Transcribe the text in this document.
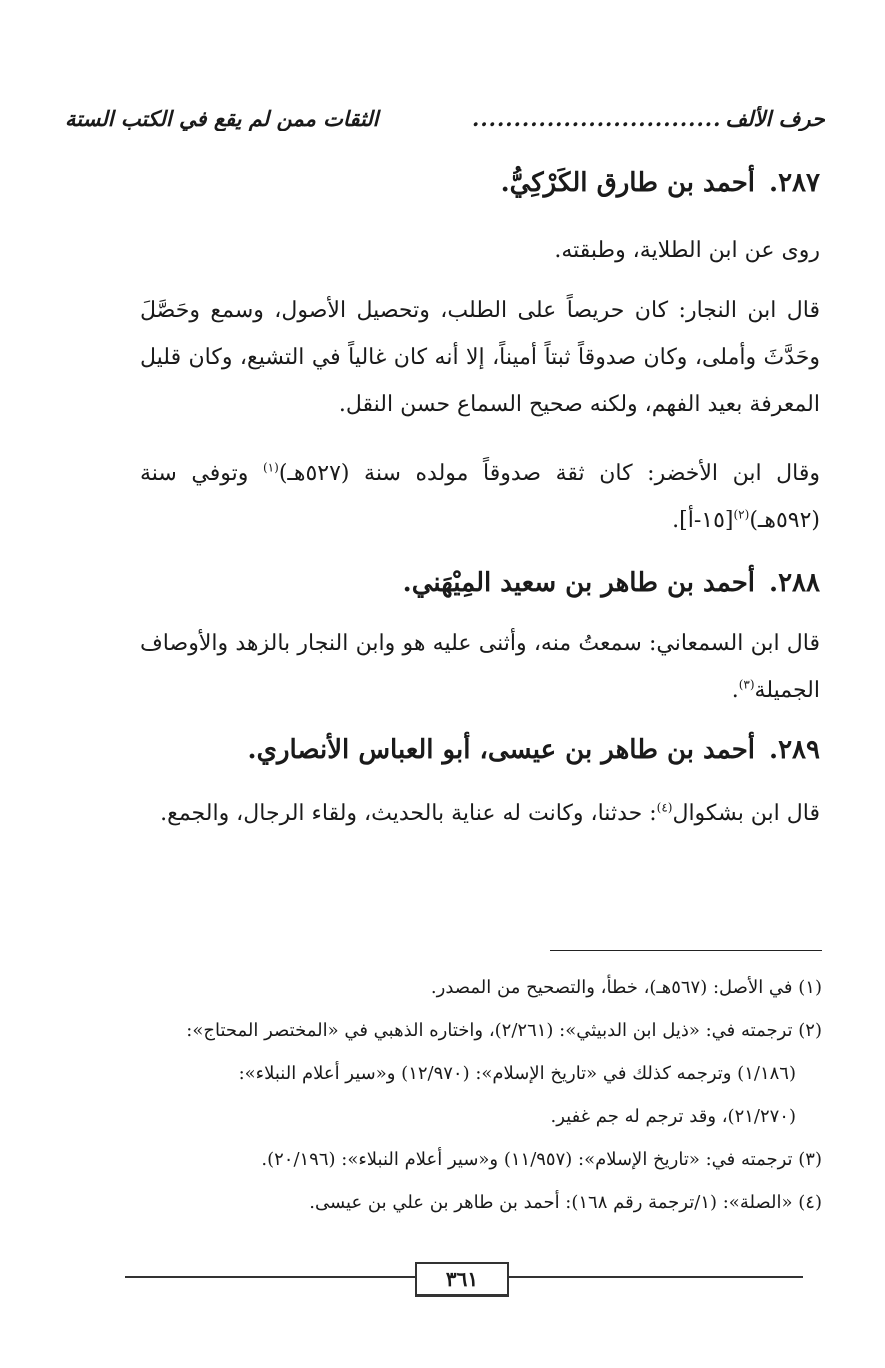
حرف الألف
..............................
الثقات ممن لم يقع في الكتب الستة
٢٨٧.أحمد بن طارق الكَرْكِيُّ.
روى عن ابن الطلاية، وطبقته.
قال ابن النجار: كان حريصاً على الطلب، وتحصيل الأصول، وسمع وحَصَّلَ وحَدَّثَ وأملى، وكان صدوقاً ثبتاً أميناً، إلا أنه كان غالياً في التشيع، وكان قليل المعرفة بعيد الفهم، ولكنه صحيح السماع حسن النقل.
وقال ابن الأخضر: كان ثقة صدوقاً مولده سنة (٥٢٧هـ)$^{(١)}$ وتوفي سنة (٥٩٢هـ)$^{(٢)}$[١٥-أ].
٢٨٨.أحمد بن طاهر بن سعيد المِيْهَني.
قال ابن السمعاني: سمعتُ منه، وأثنى عليه هو وابن النجار بالزهد والأوصاف الجميلة$^{(٣)}$.
٢٨٩.أحمد بن طاهر بن عيسى، أبو العباس الأنصاري.
قال ابن بشكوال$^{(٤)}$: حدثنا، وكانت له عناية بالحديث، ولقاء الرجال، والجمع.
(١) في الأصل: (٥٦٧هـ)، خطأ، والتصحيح من المصدر.
(٢) ترجمته في: «ذيل ابن الدبيثي»: (٢/٢٦١)، واختاره الذهبي في «المختصر المحتاج»:
(١/١٨٦) وترجمه كذلك في «تاريخ الإسلام»: (١٢/٩٧٠) و«سير أعلام النبلاء»:
(٢١/٢٧٠)، وقد ترجم له جم غفير.
(٣) ترجمته في: «تاريخ الإسلام»: (١١/٩٥٧) و«سير أعلام النبلاء»: (٢٠/١٩٦).
(٤) «الصلة»: (١/ترجمة رقم ١٦٨): أحمد بن طاهر بن علي بن عيسى.
٣٦١
